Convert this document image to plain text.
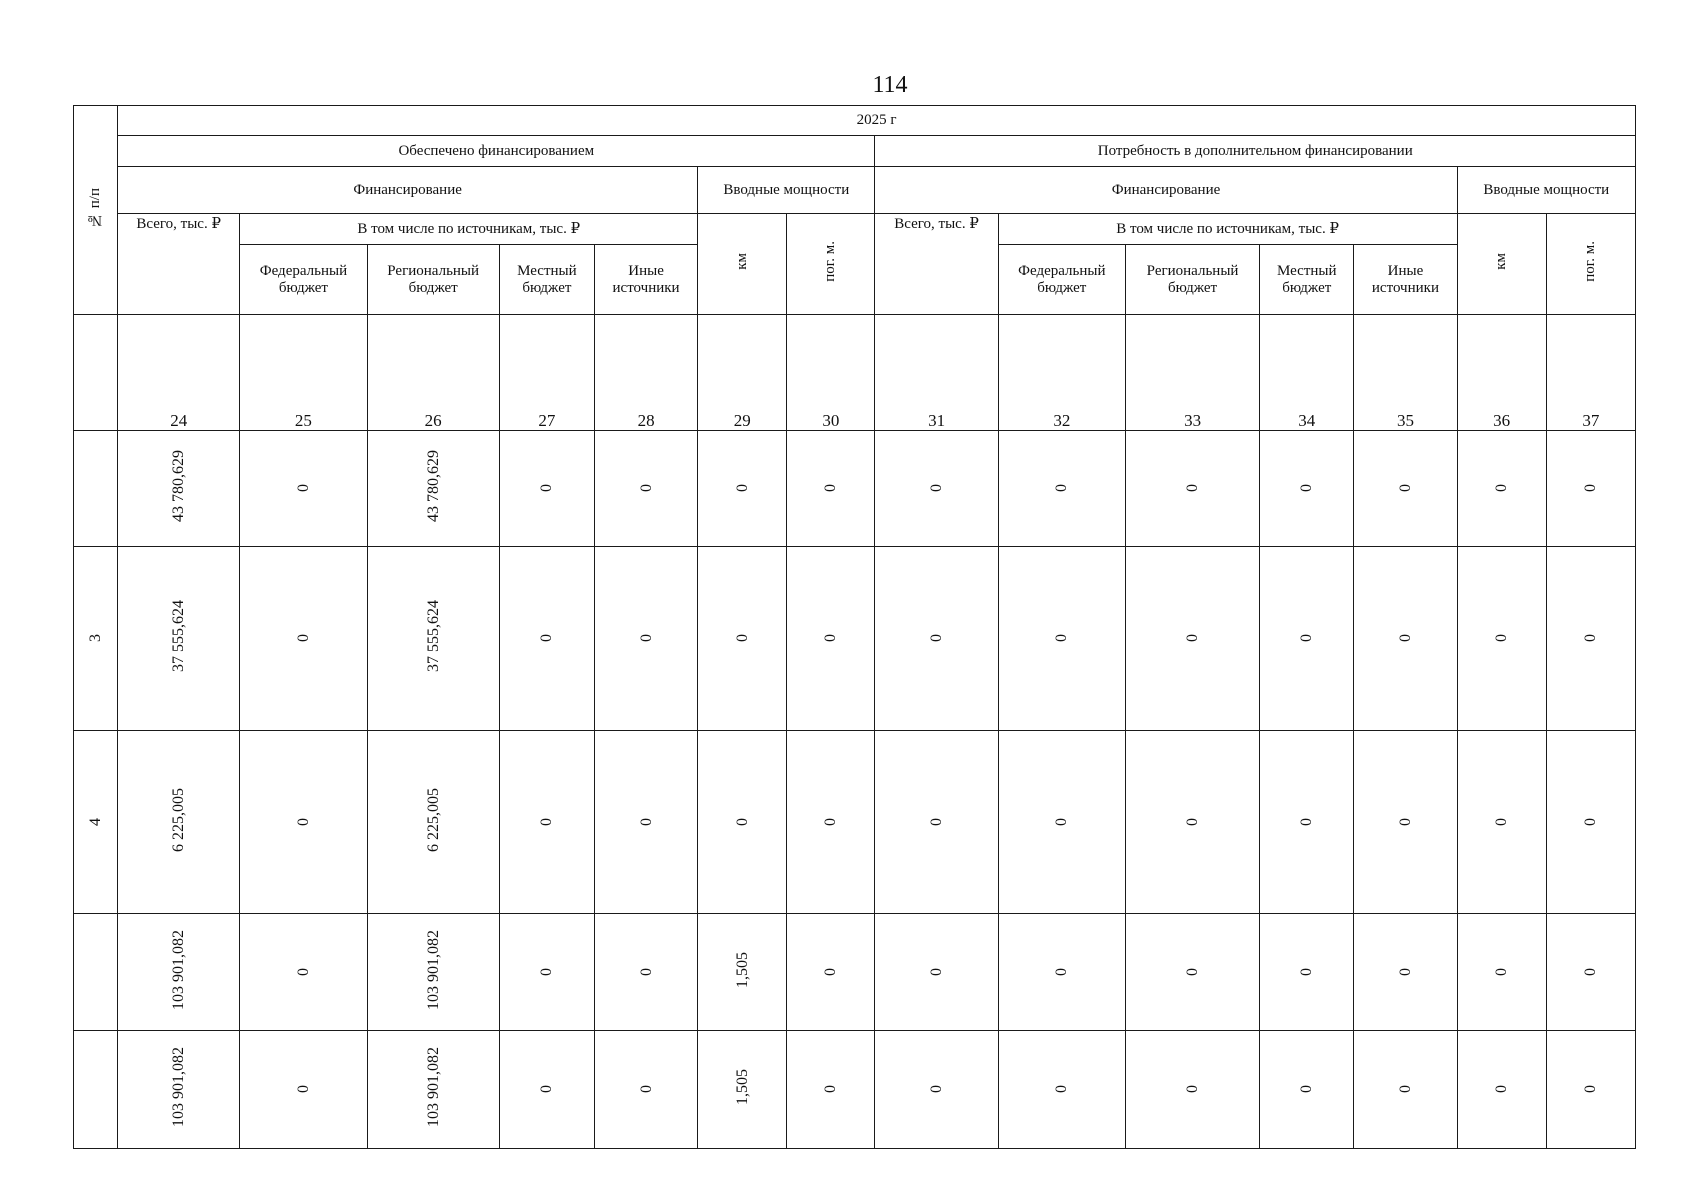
114
№ п/п	2025 г													
	Обеспечено финансированием							Потребность в дополнительном финансировании						
	Финансирование					Вводные мощности		Финансирование					Вводные мощности	
	Всего, тыс. ₽	В том числе по источникам, тыс. ₽				км	пог. м.	Всего, тыс. ₽	В том числе по источникам, тыс. ₽				км	пог. м.
		Федеральный бюджет	Региональный бюджет	Местный бюджет	Иные источники				Федеральный бюджет	Региональный бюджет	Местный бюджет	Иные источники		
	24	25	26	27	28	29	30	31	32	33	34	35	36	37
	43 780,629	0	43 780,629	0	0	0	0	0	0	0	0	0	0	0
3	37 555,624	0	37 555,624	0	0	0	0	0	0	0	0	0	0	0
4	6 225,005	0	6 225,005	0	0	0	0	0	0	0	0	0	0	0
	103 901,082	0	103 901,082	0	0	1,505	0	0	0	0	0	0	0	0
	103 901,082	0	103 901,082	0	0	1,505	0	0	0	0	0	0	0	0
